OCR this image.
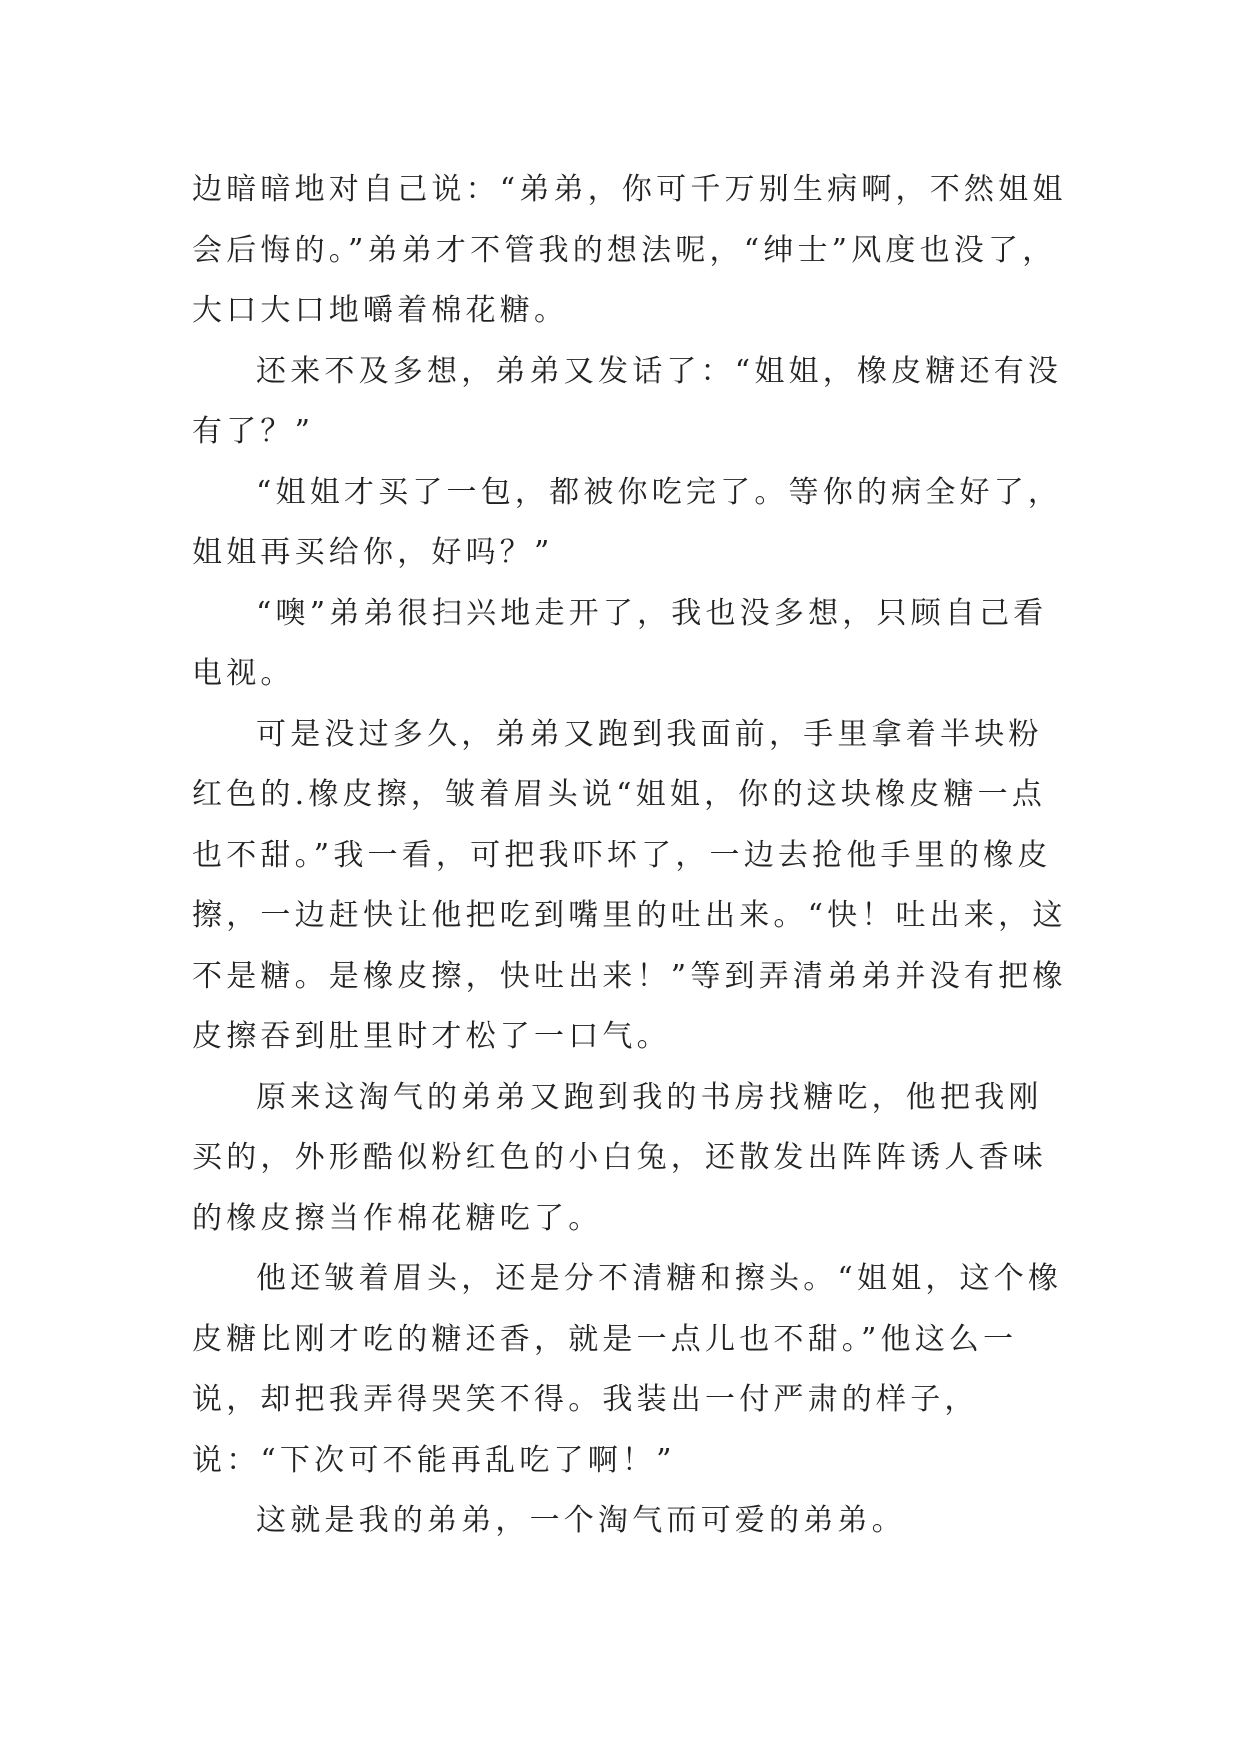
边暗暗地对自己说：“弟弟，你可千万别生病啊，不然姐姐会后悔的。”弟弟才不管我的想法呢，“绅士”风度也没了，大口大口地嚼着棉花糖。

还来不及多想，弟弟又发话了：“姐姐，橡皮糖还有没有了？”

“姐姐才买了一包，都被你吃完了。等你的病全好了，姐姐再买给你，好吗？”

“噢”弟弟很扫兴地走开了，我也没多想，只顾自己看电视。

可是没过多久，弟弟又跑到我面前，手里拿着半块粉红色的.橡皮擦，皱着眉头说“姐姐，你的这块橡皮糖一点也不甜。”我一看，可把我吓坏了，一边去抢他手里的橡皮擦，一边赶快让他把吃到嘴里的吐出来。“快！吐出来，这不是糖。是橡皮擦，快吐出来！”等到弄清弟弟并没有把橡皮擦吞到肚里时才松了一口气。

原来这淘气的弟弟又跑到我的书房找糖吃，他把我刚买的，外形酷似粉红色的小白兔，还散发出阵阵诱人香味的橡皮擦当作棉花糖吃了。

他还皱着眉头，还是分不清糖和擦头。“姐姐，这个橡皮糖比刚才吃的糖还香，就是一点儿也不甜。”他这么一说，却把我弄得哭笑不得。我装出一付严肃的样子，说：“下次可不能再乱吃了啊！”

这就是我的弟弟，一个淘气而可爱的弟弟。
